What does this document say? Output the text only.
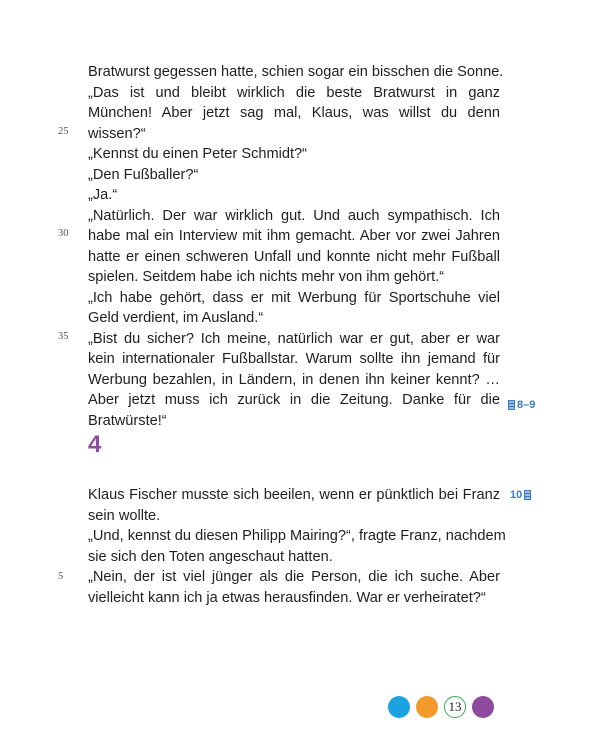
Bratwurst gegessen hatte, schien sogar ein bisschen die Sonne.
„Das ist und bleibt wirklich die beste Bratwurst in ganz
München! Aber jetzt sag mal, Klaus, was willst du denn
wissen?“
„Kennst du einen Peter Schmidt?“
„Den Fußballer?“
„Ja.“
„Natürlich. Der war wirklich gut. Und auch sympathisch. Ich
habe mal ein Interview mit ihm gemacht. Aber vor zwei Jahren
hatte er einen schweren Unfall und konnte nicht mehr Fußball
spielen. Seitdem habe ich nichts mehr von ihm gehört.“
„Ich habe gehört, dass er mit Werbung für Sportschuhe viel
Geld verdient, im Ausland.“
„Bist du sicher? Ich meine, natürlich war er gut, aber er war
kein internationaler Fußballstar. Warum sollte ihn jemand für
Werbung bezahlen, in Ländern, in denen ihn keiner kennt? …
Aber jetzt muss ich zurück in die Zeitung. Danke für die
Bratwürste!“
25
30
35
8–9
4
Klaus Fischer musste sich beeilen, wenn er pünktlich bei Franz
sein wollte.
„Und, kennst du diesen Philipp Mairing?“, fragte Franz, nachdem
sie sich den Toten angeschaut hatten.
„Nein, der ist viel jünger als die Person, die ich suche. Aber
vielleicht kann ich ja etwas herausfinden. War er verheiratet?“
5
10
13
